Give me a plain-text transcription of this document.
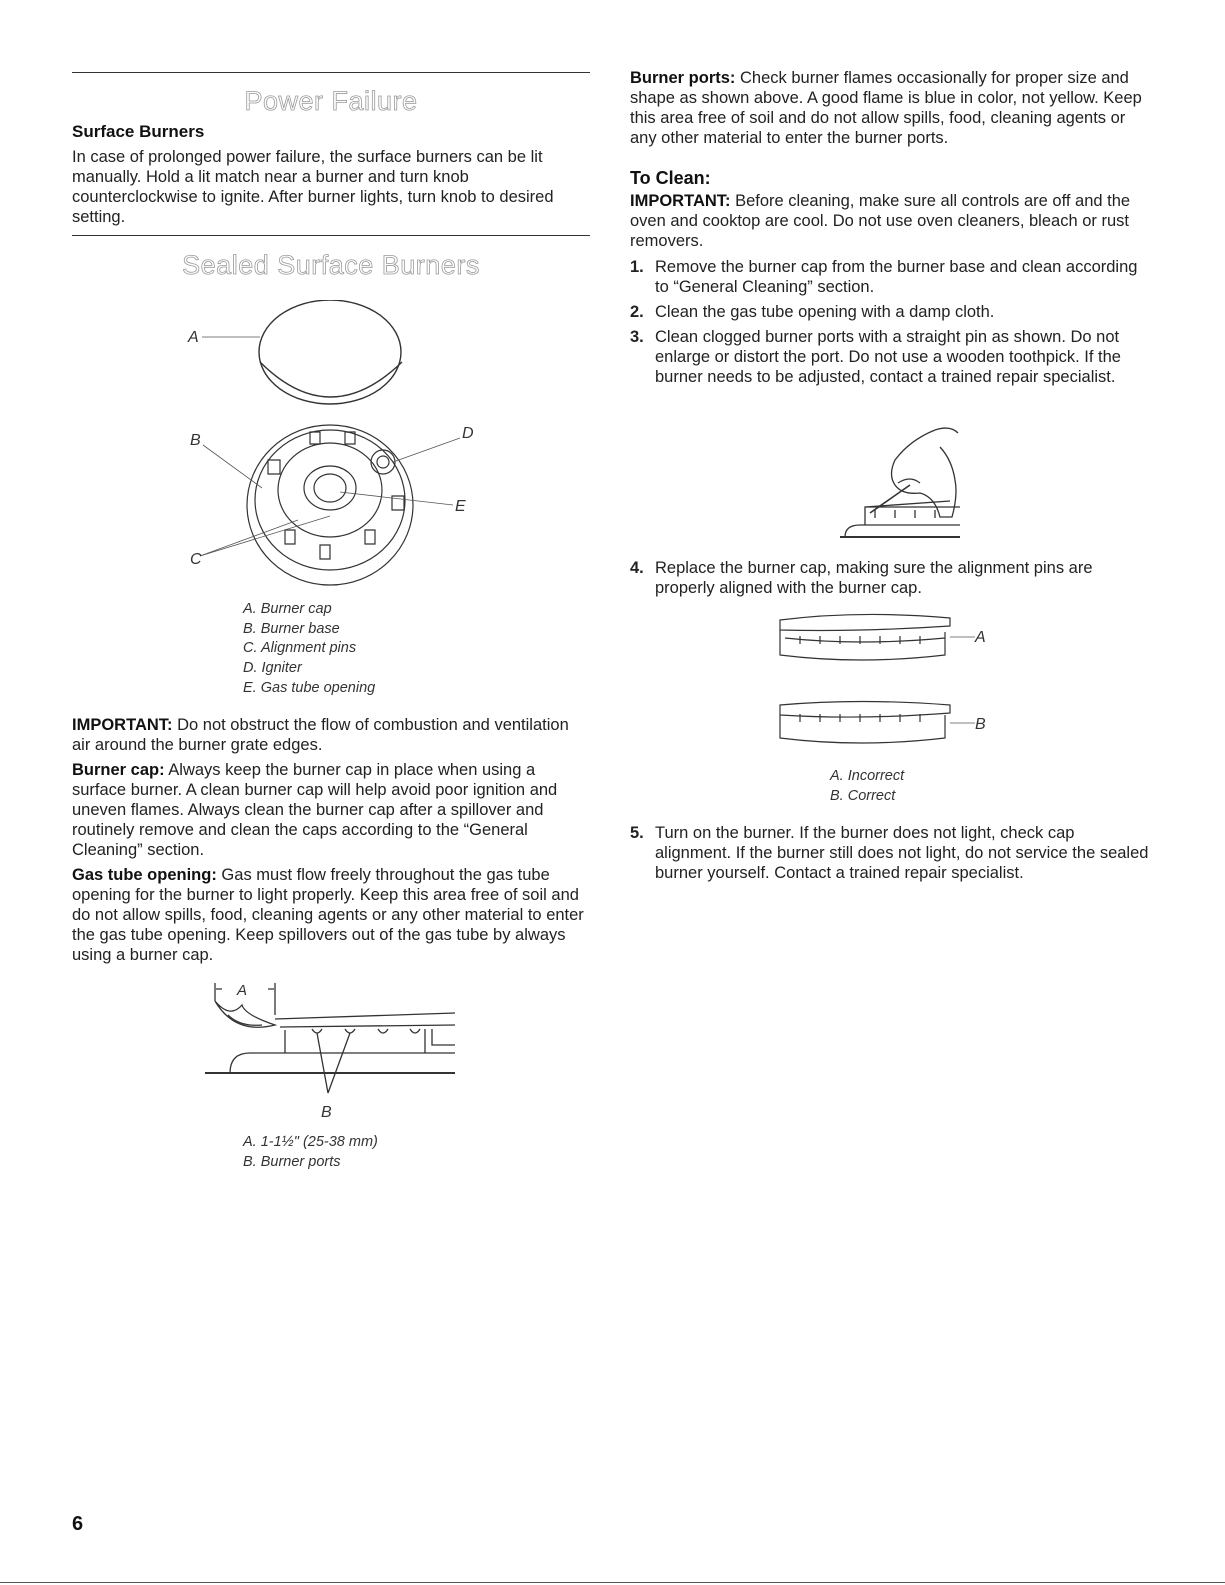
Power Failure
Surface Burners

In case of prolonged power failure, the surface burners can be lit manually. Hold a lit match near a burner and turn knob counterclockwise to ignite. After burner lights, turn knob to desired setting.

Sealed Surface Burners
A
B	D
E
C
A. Burner cap
B. Burner base
C. Alignment pins
D. Igniter
E. Gas tube opening

IMPORTANT: Do not obstruct the flow of combustion and ventilation air around the burner grate edges.

Burner cap: Always keep the burner cap in place when using a surface burner. A clean burner cap will help avoid poor ignition and uneven flames. Always clean the burner cap after a spillover and routinely remove and clean the caps according to the “General Cleaning” section.

Gas tube opening: Gas must flow freely throughout the gas tube opening for the burner to light properly. Keep this area free of soil and do not allow spills, food, cleaning agents or any other material to enter the gas tube opening. Keep spillovers out of the gas tube by always using a burner cap.

A
B
A. 1-1½" (25-38 mm)
B. Burner ports

Burner ports: Check burner flames occasionally for proper size and shape as shown above. A good flame is blue in color, not yellow. Keep this area free of soil and do not allow spills, food, cleaning agents or any other material to enter the burner ports.

To Clean:

IMPORTANT: Before cleaning, make sure all controls are off and the oven and cooktop are cool. Do not use oven cleaners, bleach or rust removers.

1. Remove the burner cap from the burner base and clean according to “General Cleaning” section.
2. Clean the gas tube opening with a damp cloth.
3. Clean clogged burner ports with a straight pin as shown. Do not enlarge or distort the port. Do not use a wooden toothpick. If the burner needs to be adjusted, contact a trained repair specialist.
4. Replace the burner cap, making sure the alignment pins are properly aligned with the burner cap.
A
B
A. Incorrect
B. Correct
5. Turn on the burner. If the burner does not light, check cap alignment. If the burner still does not light, do not service the sealed burner yourself. Contact a trained repair specialist.
6
